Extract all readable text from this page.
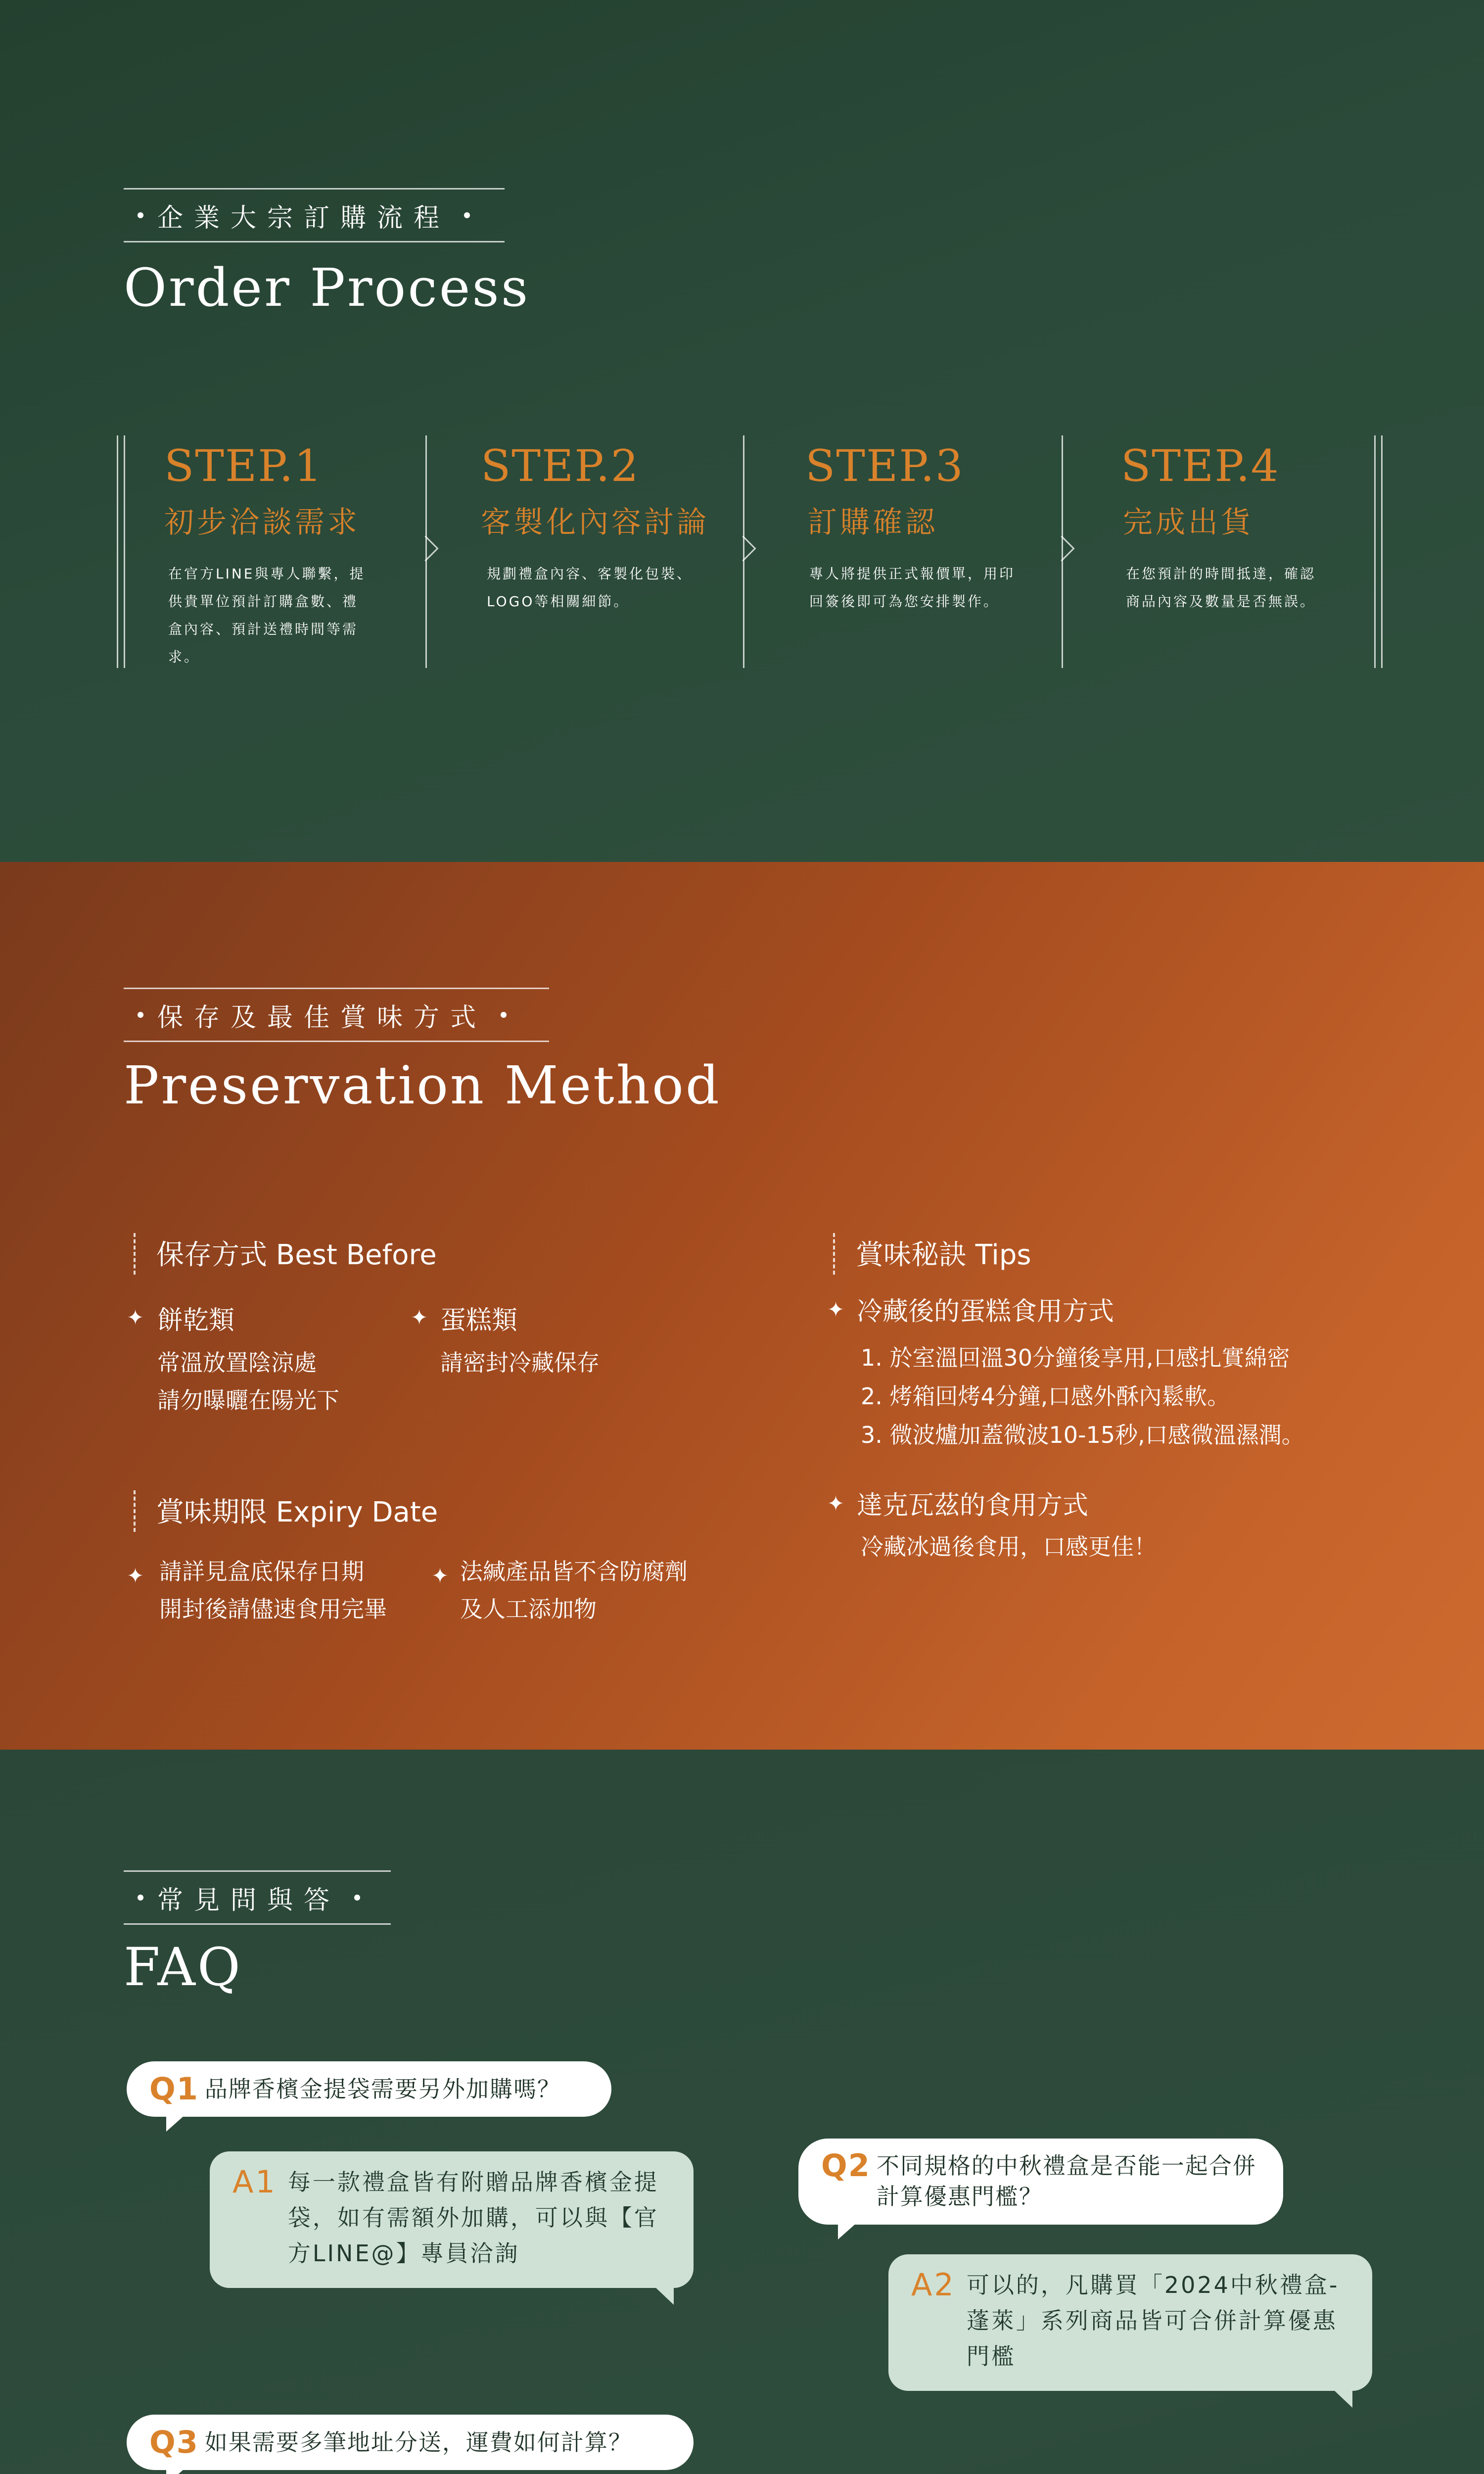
企業大宗訂購流程
Order Process
STEP.1
初步洽談需求
在官方LINE與專人聯繫，提供貴單位預計訂購盒數、禮盒內容、預計送禮時間等需求。
STEP.2
客製化內容討論
規劃禮盒內容、客製化包裝、LOGO等相關細節。
STEP.3
訂購確認
專人將提供正式報價單，用印回簽後即可為您安排製作。
STEP.4
完成出貨
在您預計的時間抵達，確認商品內容及數量是否無誤。
保存及最佳賞味方式
Preservation Method
保存方式 Best Before
✦ 餅乾類
常溫放置陰涼處
請勿曝曬在陽光下
✦ 蛋糕類
請密封冷藏保存
賞味期限 Expiry Date
✦ 請詳見盒底保存日期
開封後請儘速食用完畢
✦ 法緘產品皆不含防腐劑
及人工添加物
賞味秘訣 Tips
✦ 冷藏後的蛋糕食用方式
1. 於室溫回溫30分鐘後享用,口感扎實綿密
2. 烤箱回烤4分鐘,口感外酥內鬆軟。
3. 微波爐加蓋微波10-15秒,口感微溫濕潤。
✦ 達克瓦茲的食用方式
冷藏冰過後食用，口感更佳！
常見問與答
FAQ
Q1 品牌香檳金提袋需要另外加購嗎？
A1 每一款禮盒皆有附贈品牌香檳金提袋，如有需額外加購，可以與【官方LINE@】專員洽詢
Q2 不同規格的中秋禮盒是否能一起合併計算優惠門檻？
A2 可以的，凡購買「2024中秋禮盒-蓬萊」系列商品皆可合併計算優惠門檻
Q3 如果需要多筆地址分送，運費如何計算？
